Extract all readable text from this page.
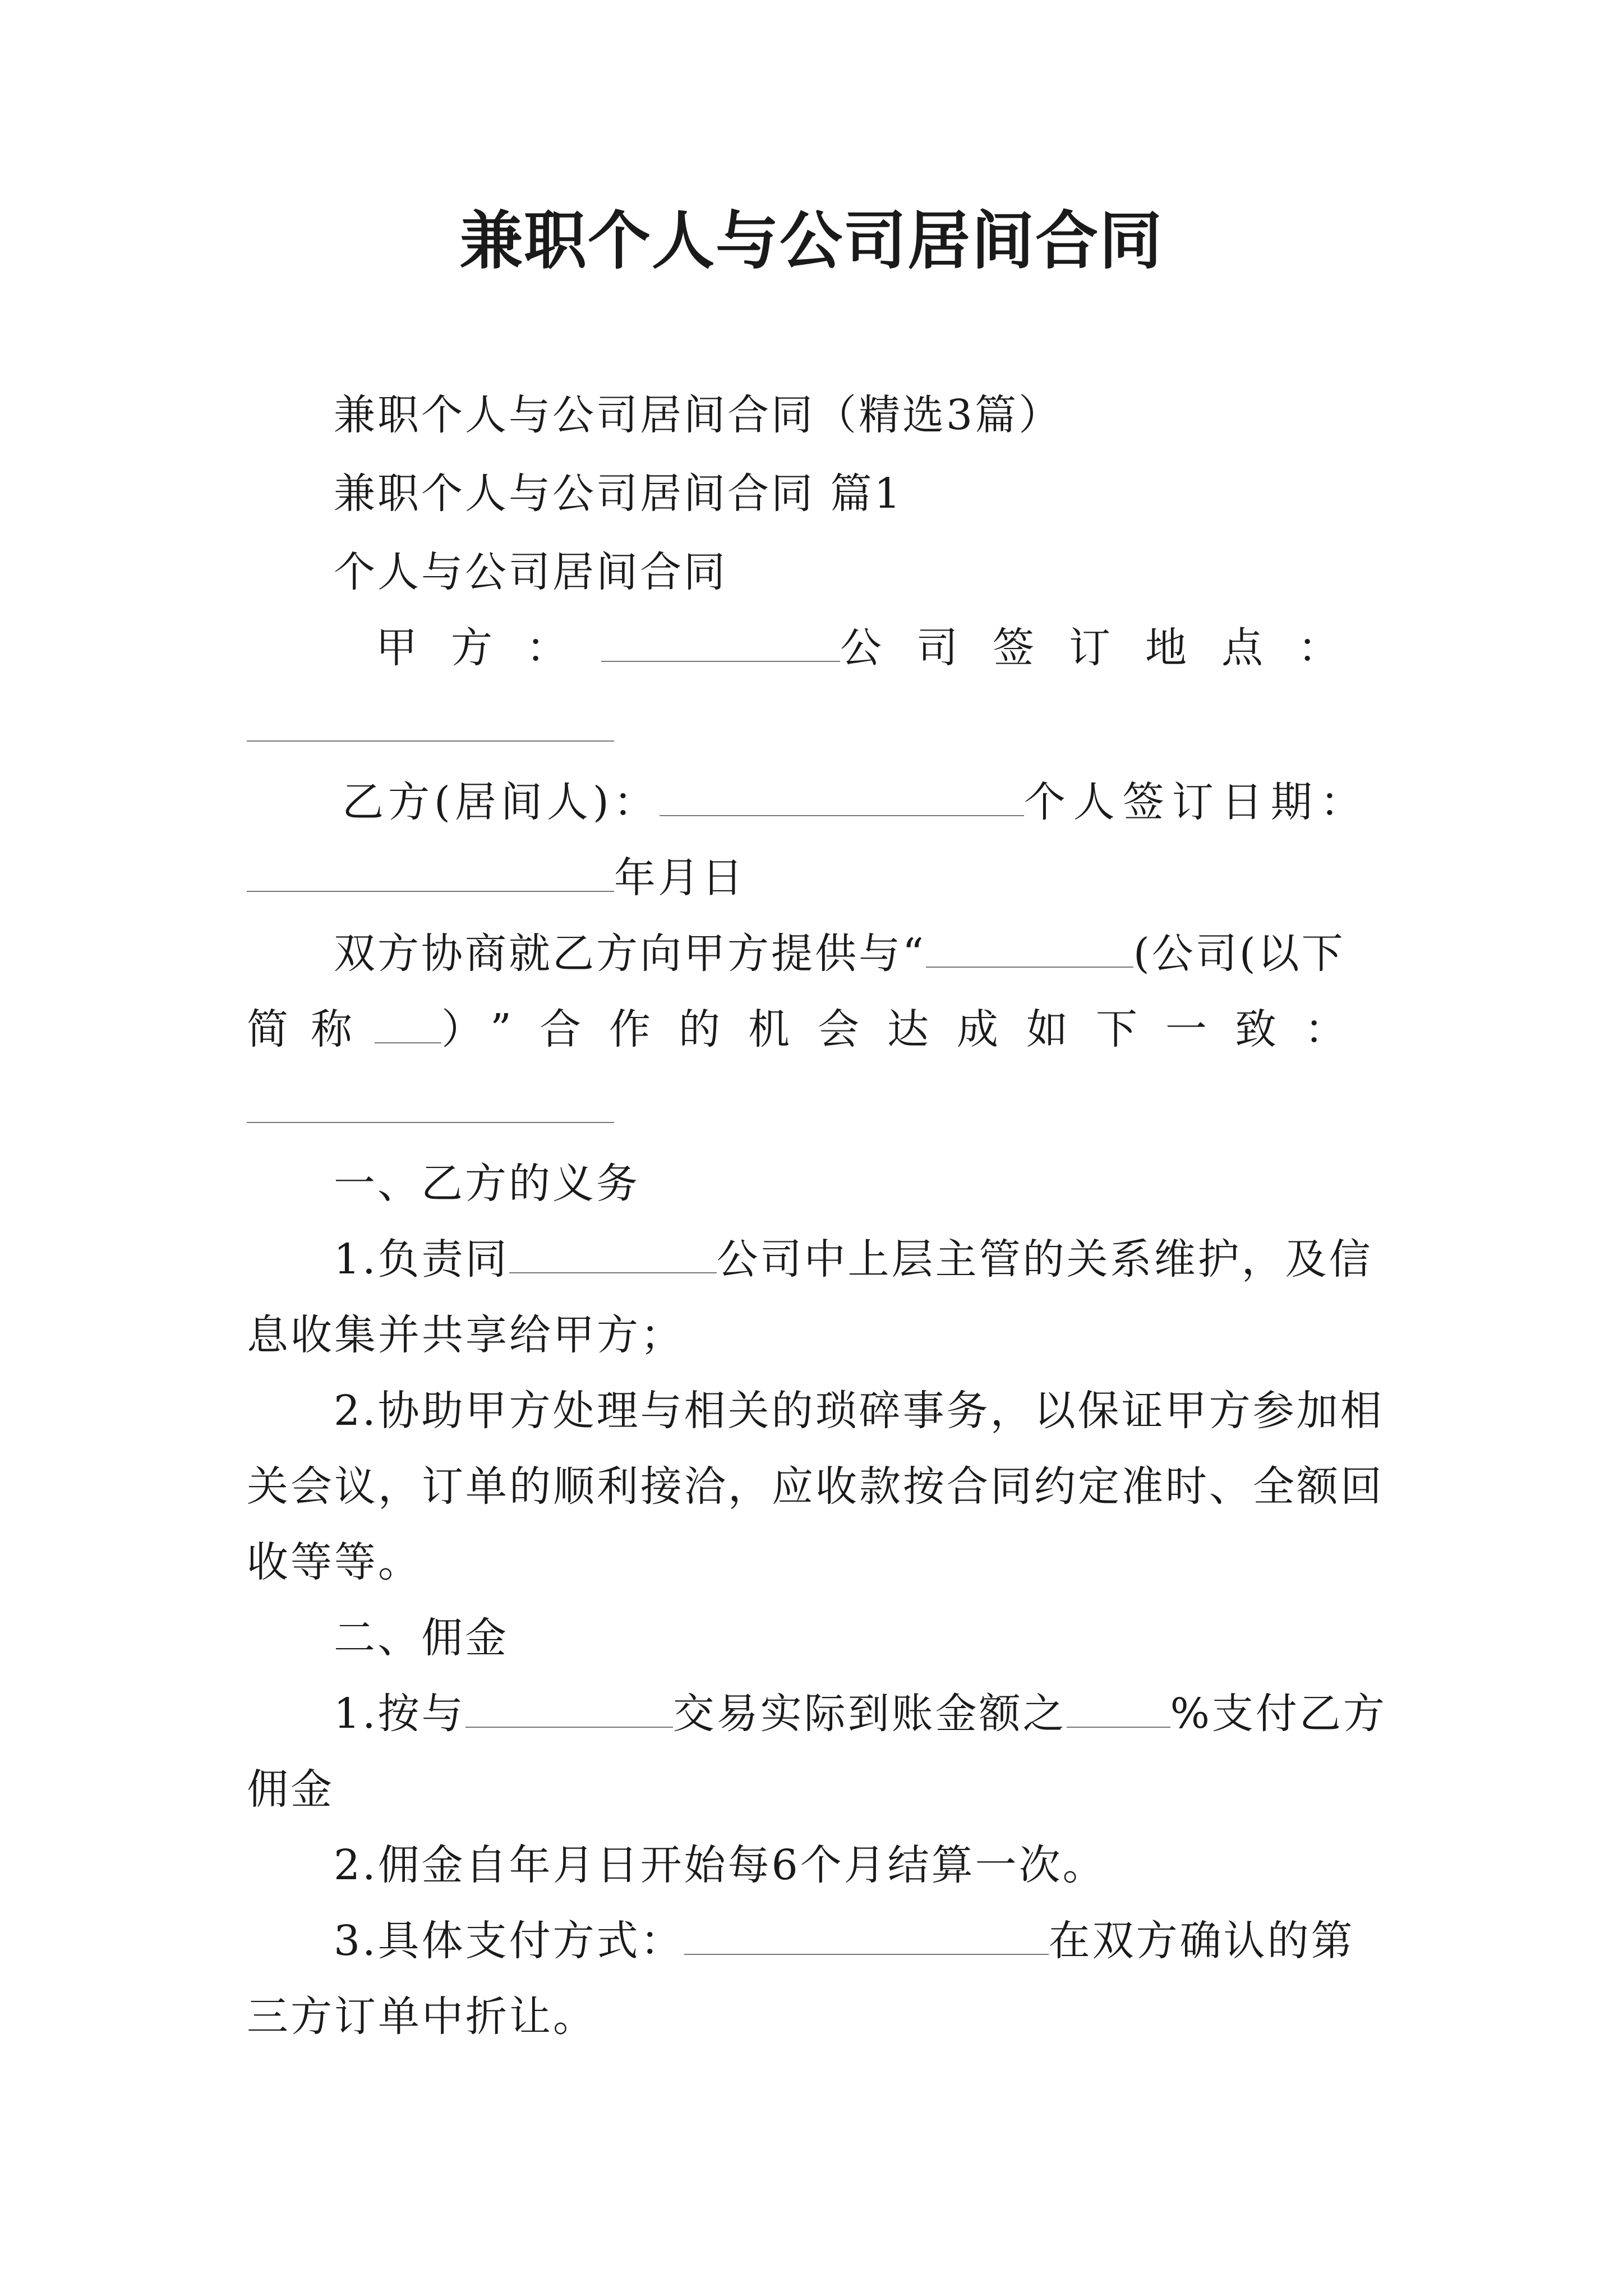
兼职个人与公司居间合同
兼职个人与公司居间合同（精选3篇）
兼职个人与公司居间合同 篇1
个人与公司居间合同
甲方：	公司签订地点：
乙方(居间人)：	个人签订日期：
年月日
双方协商就乙方向甲方提供与“	(公司(以下
简称 ）”合作的机会达成如下一致：
一、乙方的义务
1.负责同	公司中上层主管的关系维护，及信
息收集并共享给甲方；
2.协助甲方处理与相关的琐碎事务，以保证甲方参加相
关会议，订单的顺利接洽，应收款按合同约定准时、全额回
收等等。
二、佣金
1.按与	交易实际到账金额之	%支付乙方
佣金
2.佣金自年月日开始每6个月结算一次。
3.具体支付方式：	在双方确认的第
三方订单中折让。
